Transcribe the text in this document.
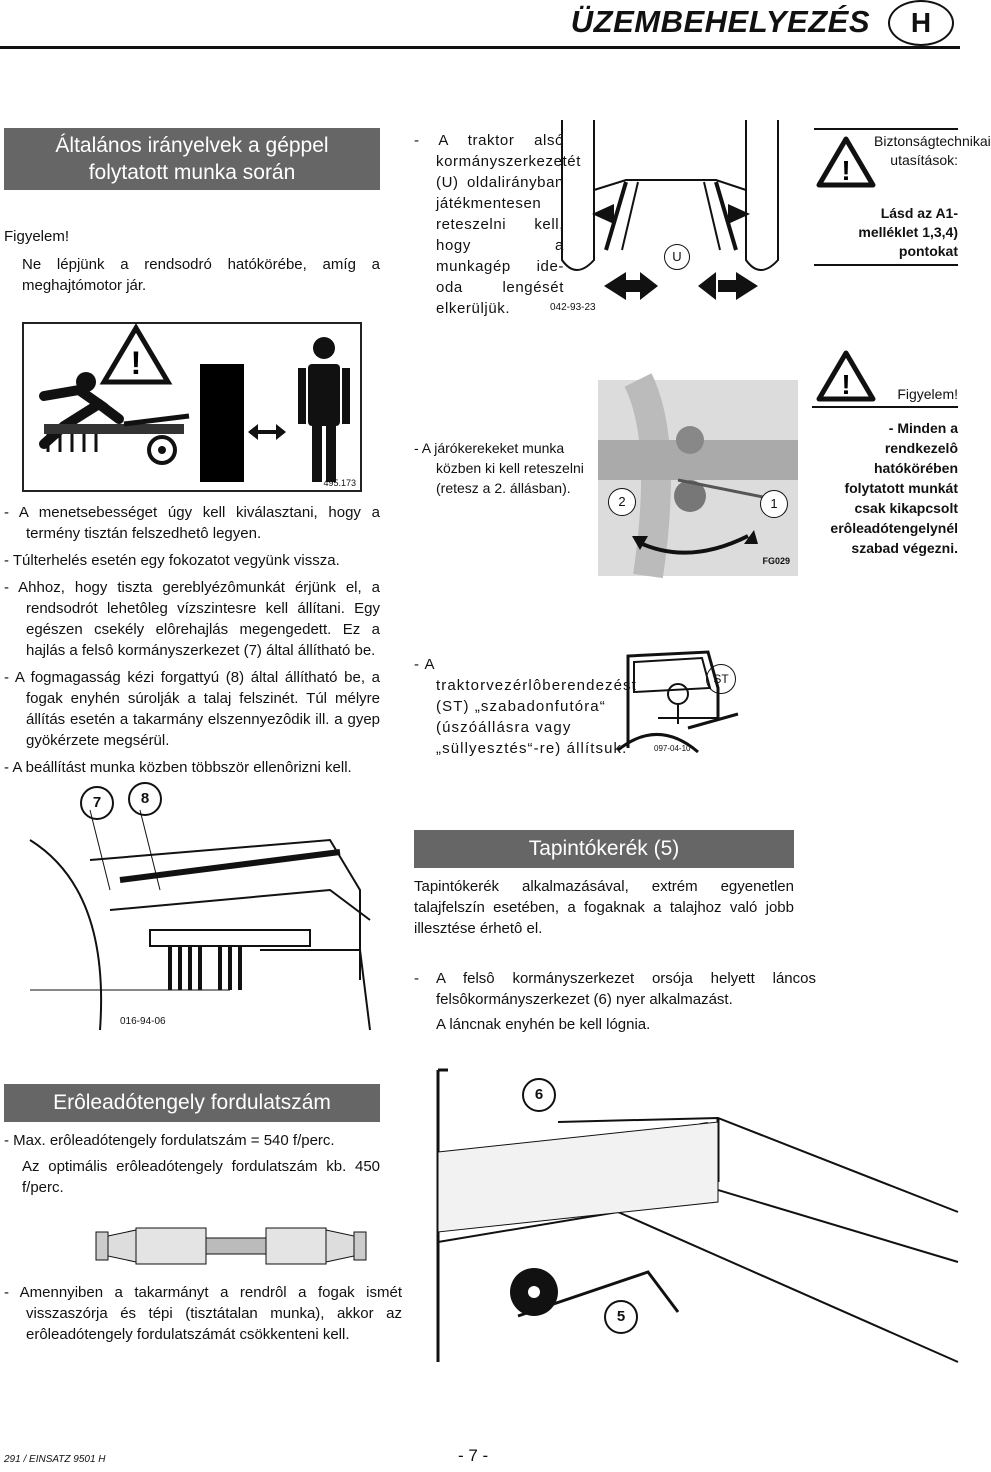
ÜZEMBEHELYEZÉS	H
Általános irányelvek a géppel folytatott munka során
Figyelem!
Ne lépjünk a rendsodró hatókörébe, amíg a meghajtómotor jár.
!
495.173
- A menetsebességet úgy kell kiválasztani, hogy a termény tisztán felszedhetô legyen.
- Túlterhelés esetén egy fokozatot vegyünk vissza.
- Ahhoz, hogy tiszta gereblyézômunkát érjünk el, a rendsodrót lehetôleg vízszintesre kell állítani. Egy egészen csekély elôrehajlás megengedett. Ez a hajlás a felsô kormányszerkezet (7) által állítható be.
- A fogmagasság kézi forgattyú (8) által állítható be, a fogak enyhén súrolják a talaj felszinét. Túl mélyre állítás esetén a takarmány elszennyezôdik ill. a gyep gyökérzete megsérül.
- A beállítást munka közben többször ellenôrizni kell.
7	8
016-94-06
- A traktor alsó kormányszerkezetét (U) oldalirányban játékmentesen reteszelni kell, hogy a munkagép ide-oda lengését elkerüljük.
U
042-93-23
!
Biztonságtechnikai utasítások:
Lásd az A1-melléklet 1,3,4) pontokat
- A járókerekeket munka közben ki kell reteszelni (retesz a 2. állásban).
2	1
FG029
!	Figyelem!
- Minden a rendkezelô hatókörében folytatott munkát csak kikapcsolt erôleadótengelynél szabad végezni.
- A traktorvezérlôberendezést (ST) „szabadonfutóra“ (úszóállásra vagy „süllyesztés“-re) állítsuk.
ST
097-04-10
Tapintókerék (5)
Tapintókerék alkalmazásával, extrém egyenetlen talajfelszín esetében, a fogaknak a talajhoz való jobb illesztése érhetô el.
- A felsô kormányszerkezet orsója helyett láncos felsôkormányszerkezet (6) nyer alkalmazást.
A láncnak enyhén be kell lógnia.
6
5
Erôleadótengely fordulatszám
- Max. erôleadótengely fordulatszám = 540 f/perc.
Az optimális erôleadótengely fordulatszám kb. 450 f/perc.
- Amennyiben a takarmányt a rendrôl a fogak ismét visszaszórja és tépi (tisztátalan munka), akkor az erôleadótengely fordulatszámát csökkenteni kell.
291 / EINSATZ 9501 H	- 7 -
